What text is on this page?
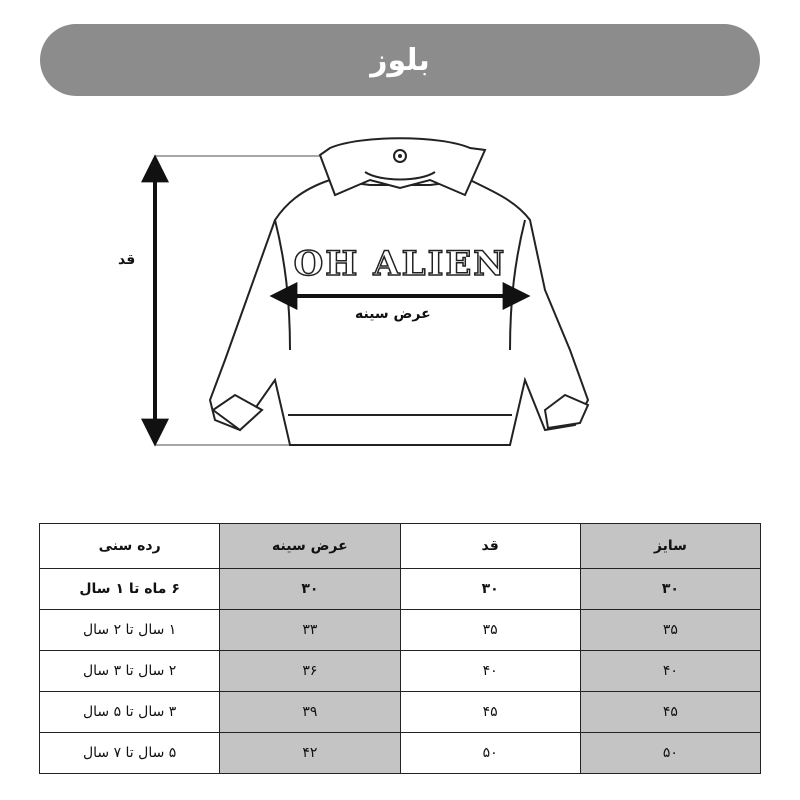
بلوز
OH ALIEN
قد
عرض سینه
سایز	قد	عرض سینه	رده سنی
۳۰	۳۰	۳۰	۶ ماه تا ۱ سال
۳۵	۳۵	۳۳	۱ سال تا ۲ سال
۴۰	۴۰	۳۶	۲ سال تا ۳ سال
۴۵	۴۵	۳۹	۳ سال تا ۵ سال
۵۰	۵۰	۴۲	۵ سال تا ۷ سال
